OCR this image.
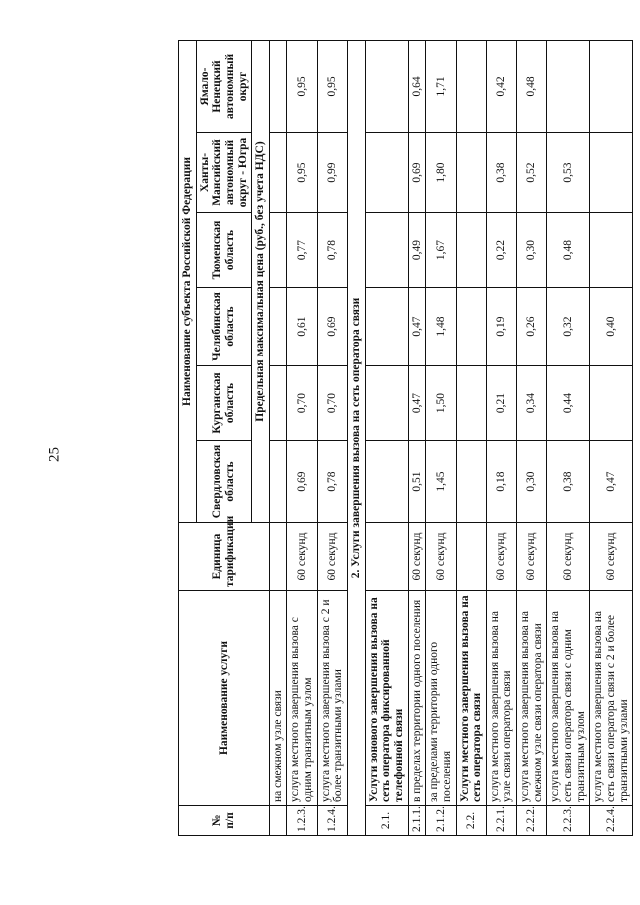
25
№ п/п	Наименование услуги	Единица тарификации	Наименование субъекта Российской Федерации					
			Свердловская область	Курганская область	Челябинская область	Тюменская область	Ханты-Мансийский автономный округ - Югра	Ямало-Ненецкий автономный округ
			Предельная максимальная цена (руб., без учета НДС)					
	на смежном узле связи							
1.2.3.	услуга местного завершения вызова с одним транзитным узлом	60 секунд	0,69	0,70	0,61	0,77	0,95	0,95
1.2.4.	услуга местного завершения вызова с 2 и более транзитными узлами	60 секунд	0,78	0,70	0,69	0,78	0,99	0,95
2. Услуги завершения вызова на сеть оператора связи								
2.1.	Услуги зонового завершения вызова на сеть оператора фиксированной телефонной связи							
2.1.1.	в пределах территории одного поселения	60 секунд	0,51	0,47	0,47	0,49	0,69	0,64
2.1.2.	за пределами территории одного поселения	60 секунд	1,45	1,50	1,48	1,67	1,80	1,71
2.2.	Услуги местного завершения вызова на сеть оператора связи							
2.2.1.	услуга местного завершения вызова на узле связи оператора связи	60 секунд	0,18	0,21	0,19	0,22	0,38	0,42
2.2.2.	услуга местного завершения вызова на смежном узле связи оператора связи	60 секунд	0,30	0,34	0,26	0,30	0,52	0,48
2.2.3.	услуга местного завершения вызова на сеть связи оператора связи с одним транзитным узлом	60 секунд	0,38	0,44	0,32	0,48	0,53	
2.2.4.	услуга местного завершения вызова на сеть связи оператора связи с 2 и более транзитными узлами	60 секунд	0,47		0,40			
